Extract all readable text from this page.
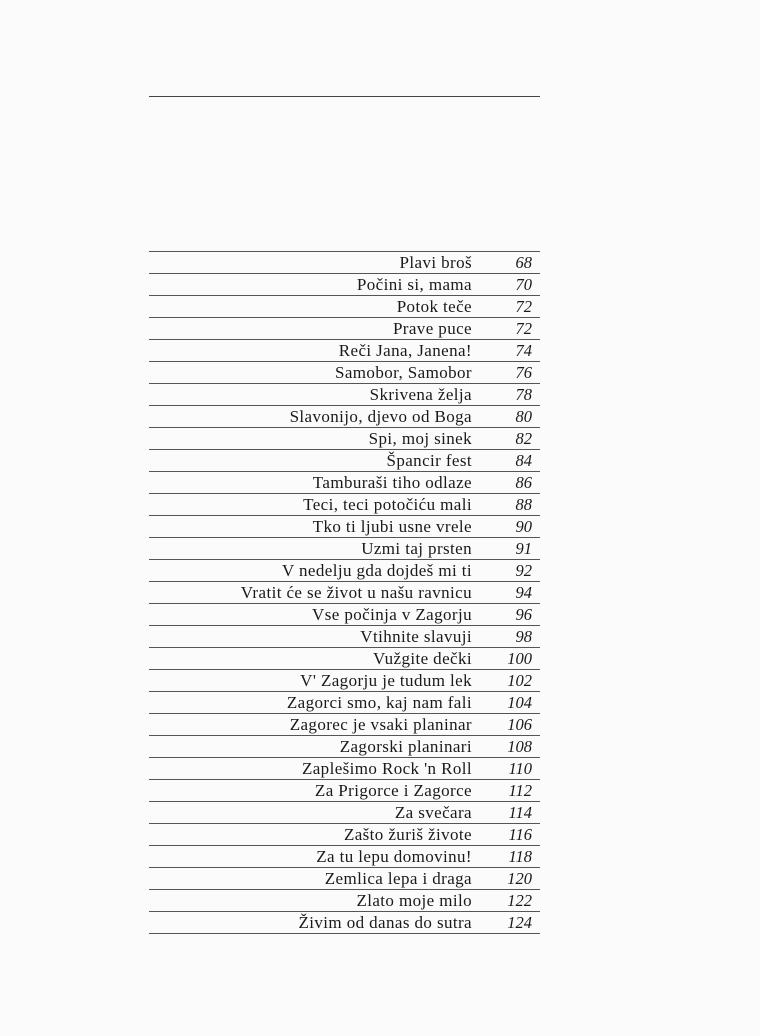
Plavi broš	68
Počini si, mama	70
Potok teče	72
Prave puce	72
Reči Jana, Janena!	74
Samobor, Samobor	76
Skrivena želja	78
Slavonijo, djevo od Boga	80
Spi, moj sinek	82
Špancir fest	84
Tamburaši tiho odlaze	86
Teci, teci potočiću mali	88
Tko ti ljubi usne vrele	90
Uzmi taj prsten	91
V nedelju gda dojdeš mi ti	92
Vratit će se život u našu ravnicu	94
Vse počinja v Zagorju	96
Vtihnite slavuji	98
Vužgite dečki	100
V' Zagorju je tudum lek	102
Zagorci smo, kaj nam fali	104
Zagorec je vsaki planinar	106
Zagorski planinari	108
Zaplešimo Rock 'n Roll	110
Za Prigorce i Zagorce	112
Za svečara	114
Zašto žuriš živote	116
Za tu lepu domovinu!	118
Zemlica lepa i draga	120
Zlato moje milo	122
Živim od danas do sutra	124
